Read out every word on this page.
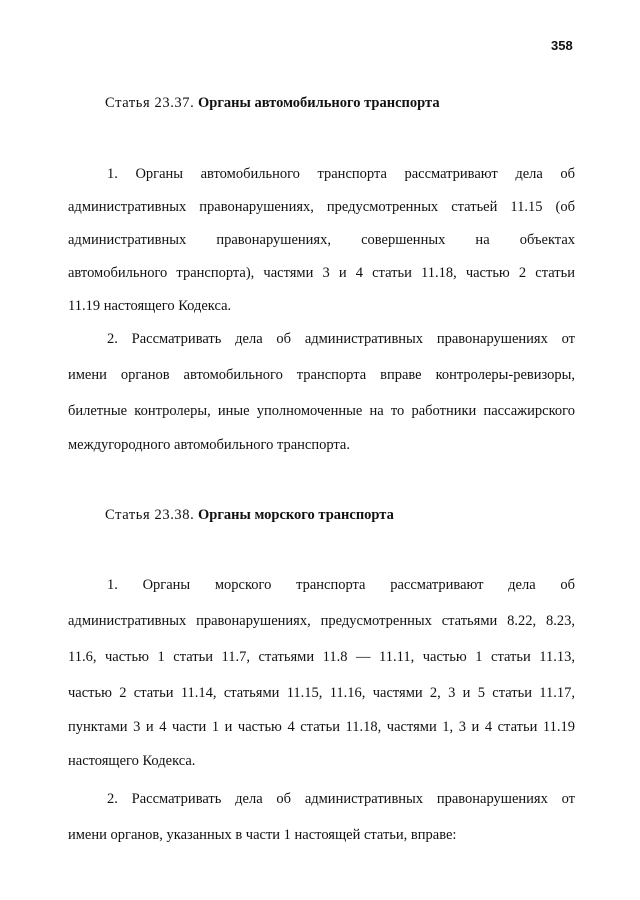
358
Статья 23.37. Органы автомобильного транспорта
1. Органы автомобильного транспорта рассматривают дела об
административных правонарушениях, предусмотренных статьей 11.15 (об
административных правонарушениях, совершенных на объектах
автомобильного транспорта), частями 3 и 4 статьи 11.18, частью 2 статьи
11.19 настоящего Кодекса.
2. Рассматривать дела об административных правонарушениях от
имени органов автомобильного транспорта вправе контролеры-ревизоры,
билетные контролеры, иные уполномоченные на то работники пассажирского
междугородного автомобильного транспорта.
Статья 23.38. Органы морского транспорта
1. Органы морского транспорта рассматривают дела об
административных правонарушениях, предусмотренных статьями 8.22, 8.23,
11.6, частью 1 статьи 11.7, статьями 11.8 — 11.11, частью 1 статьи 11.13,
частью 2 статьи 11.14, статьями 11.15, 11.16, частями 2, 3 и 5 статьи 11.17,
пунктами 3 и 4 части 1 и частью 4 статьи 11.18, частями 1, 3 и 4 статьи 11.19
настоящего Кодекса.
2. Рассматривать дела об административных правонарушениях от
имени органов, указанных в части 1 настоящей статьи, вправе:
